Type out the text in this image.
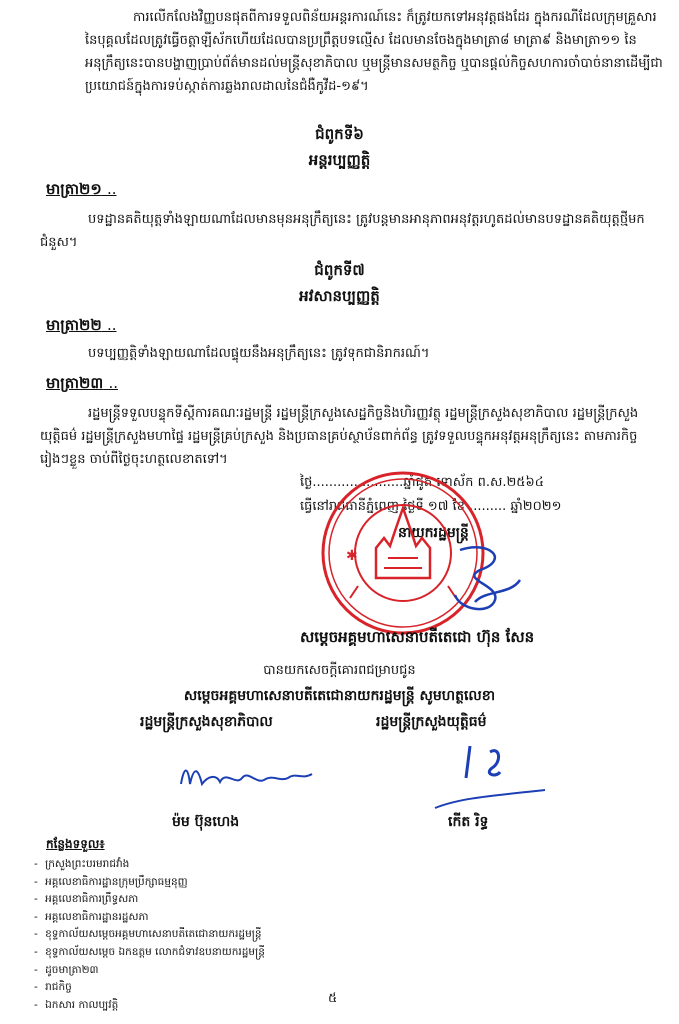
ការលើកលែងវិញ្ញបនផុតពីការទទួលពិន័យអន្តរការណ៍នេះ ក៏ត្រូវយកទៅអនុវត្តផងដែរ ក្នុងករណីដែលក្រុមគ្រួសារនៃបុគ្គលដែលត្រូវធ្វើចត្តាឡីស័កហើយដែលបានប្រព្រឹត្តបទល្មើស ដែលមានចែងក្នុងមាត្រា៨ មាត្រា៩ និងមាត្រា១១ នៃអនុក្រឹត្យនេះបានបង្ហាញប្រាប់ព័ត៌មានដល់មន្ត្រីសុខាភិបាល ឬមន្ត្រីមានសមត្ថកិច្ច ឬបានផ្តល់កិច្ចសហការចាំបាច់នានាដើម្បីជាប្រយោជន៍ក្នុងការទប់ស្កាត់ការឆ្លងរាលដាលនៃជំងឺកូវីដ-១៩។

ជំពូកទី៦
អន្តរប្បញ្ញត្តិ
មាត្រា២១ ..

បទដ្ឋានគតិយុត្តទាំងឡាយណាដែលមានមុនអនុក្រឹត្យនេះ ត្រូវបន្តមានអានុភាពអនុវត្តរហូតដល់មានបទដ្ឋានគតិយុត្តថ្មីមកជំនួស។

ជំពូកទី៧
អវសានប្បញ្ញត្តិ
មាត្រា២២ ..

បទប្បញ្ញត្តិទាំងឡាយណាដែលផ្ទុយនឹងអនុក្រឹត្យនេះ ត្រូវទុកជានិរាករណ៍។

មាត្រា២៣ ..

រដ្ឋមន្ត្រីទទួលបន្ទុកទីស្តីការគណៈរដ្ឋមន្ត្រី រដ្ឋមន្ត្រីក្រសួងសេដ្ឋកិច្ចនិងហិរញ្ញវត្ថុ រដ្ឋមន្ត្រីក្រសួងសុខាភិបាល រដ្ឋមន្ត្រីក្រសួងយុត្តិធម៌ រដ្ឋមន្ត្រីក្រសួងមហាផ្ទៃ រដ្ឋមន្ត្រីគ្រប់ក្រសួង និងប្រធានគ្រប់ស្ថាប័នពាក់ព័ន្ធ ត្រូវទទួលបន្ទុកអនុវត្តអនុក្រឹត្យនេះ តាមភារកិច្ចរៀងៗខ្លួន ចាប់ពីថ្ងៃចុះហត្ថលេខាតទៅ។

ថ្ងៃ......................ឆ្នាំជូត ទោស័ក ព.ស.២៥៦៤
ធ្វើនៅរាជធានីភ្នំពេញ ថ្ងៃទី ១៧ ខែ ......... ឆ្នាំ២០២១
នាយករដ្ឋមន្ត្រី
✱
សម្តេចអគ្គមហាសេនាបតីតេជោ ហ៊ុន សែន
បានយកសេចក្តីគោរពជម្រាបជូន
សម្តេចអគ្គមហាសេនាបតីតេជោនាយករដ្ឋមន្ត្រី សូមហត្ថលេខា
រដ្ឋមន្ត្រីក្រសួងសុខាភិបាល	រដ្ឋមន្ត្រីក្រសួងយុត្តិធម៌
ម៉ម ប៊ុនហេង	កើត រិទ្ធ
កន្លែងទទួល៖
- ក្រសួងព្រះបរមរាជវាំង
- អគ្គលេខាធិការដ្ឋានក្រុមប្រឹក្សាធម្មនុញ្ញ
- អគ្គលេខាធិការព្រឹទ្ធសភា
- អគ្គលេខាធិការដ្ឋានរដ្ឋសភា
- ខុទ្ទកាល័យសម្តេចអគ្គមហាសេនាបតីតេជោនាយករដ្ឋមន្ត្រី
- ខុទ្ទកាល័យសម្តេច ឯកឧត្តម លោកជំទាវឧបនាយករដ្ឋមន្ត្រី
- ដូចមាត្រា២៣
- រាជកិច្ច
- ឯកសារ កាលប្បវត្តិ	៥
